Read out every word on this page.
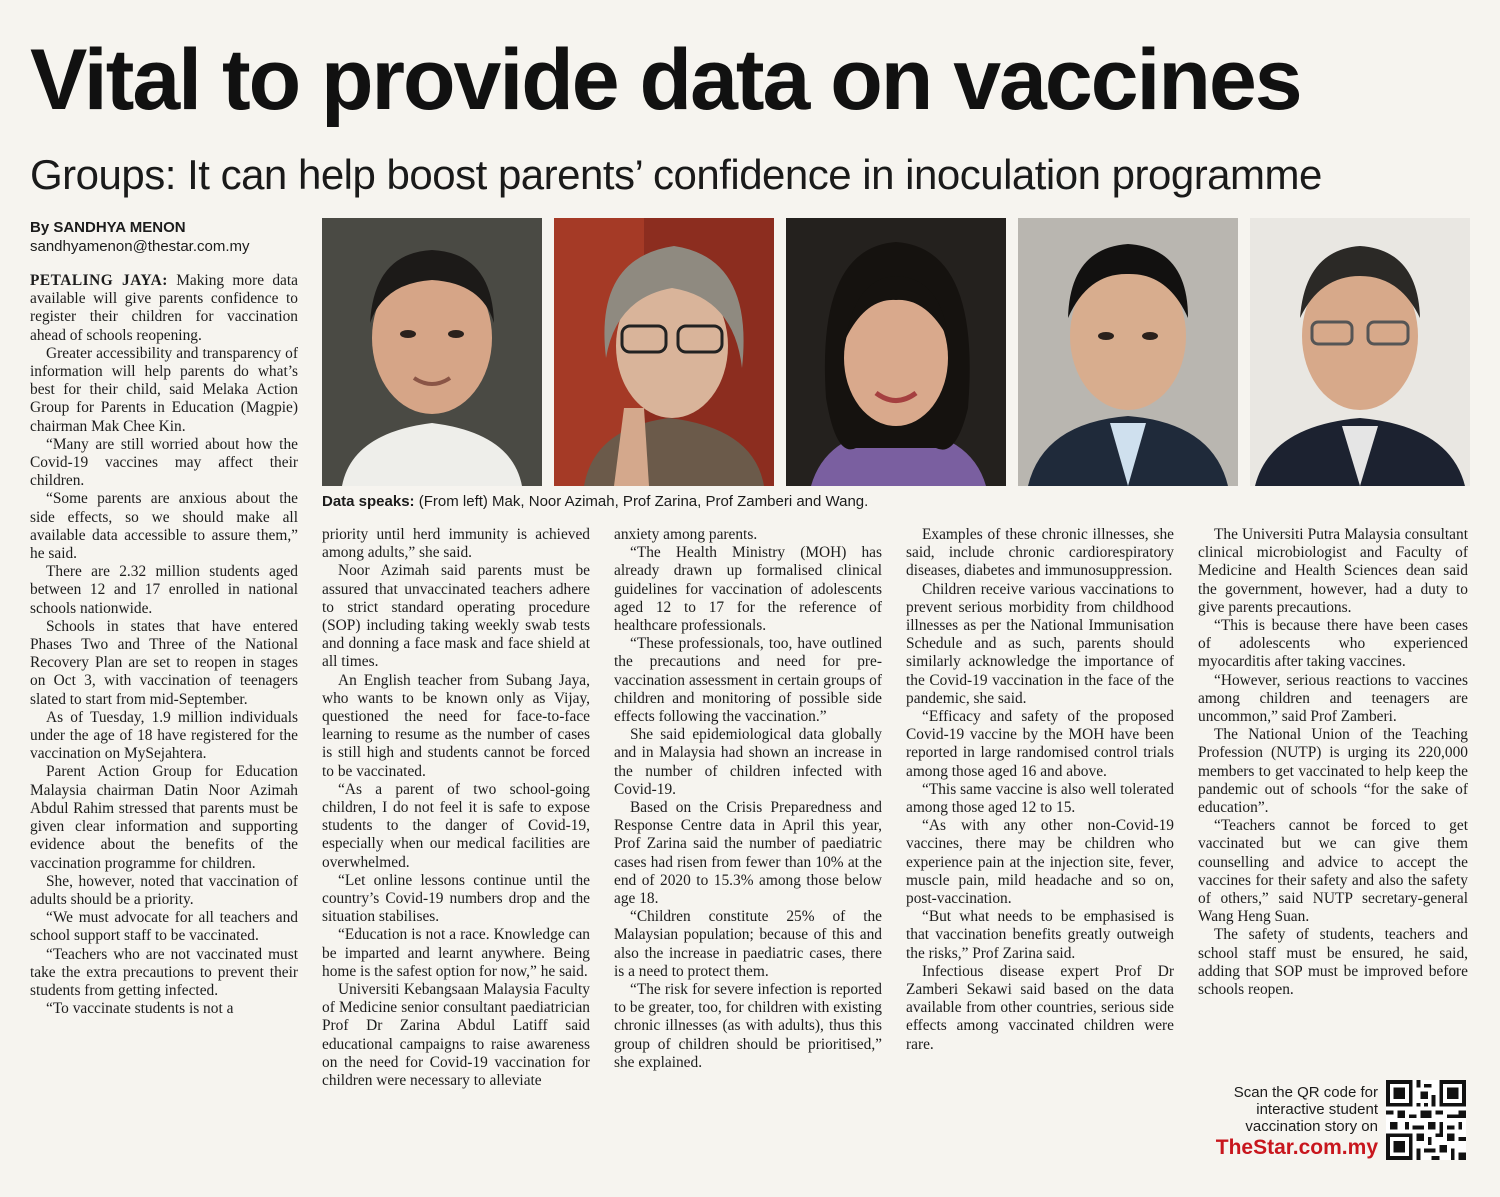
Vital to provide data on vaccines
Groups: It can help boost parents’ confidence in inoculation programme
By SANDHYA MENON
sandhyamenon@thestar.com.my
Data speaks: (From left) Mak, Noor Azimah, Prof Zarina, Prof Zamberi and Wang.

PETALING JAYA: Making more data available will give parents confidence to register their children for vaccination ahead of schools reopening.

Greater accessibility and transparency of information will help parents do what’s best for their child, said Melaka Action Group for Parents in Education (Magpie) chairman Mak Chee Kin.

“Many are still worried about how the Covid-19 vaccines may affect their children.

“Some parents are anxious about the side effects, so we should make all available data accessible to assure them,” he said.

There are 2.32 million students aged between 12 and 17 enrolled in national schools nationwide.

Schools in states that have entered Phases Two and Three of the National Recovery Plan are set to reopen in stages on Oct 3, with vaccination of teenagers slated to start from mid-September.

As of Tuesday, 1.9 million individuals under the age of 18 have registered for the vaccination on MySejahtera.

Parent Action Group for Education Malaysia chairman Datin Noor Azimah Abdul Rahim stressed that parents must be given clear information and supporting evidence about the benefits of the vaccination programme for children.

She, however, noted that vaccination of adults should be a priority.

“We must advocate for all teachers and school support staff to be vaccinated.

“Teachers who are not vaccinated must take the extra precautions to prevent their students from getting infected.

“To vaccinate students is not a

priority until herd immunity is achieved among adults,” she said.

Noor Azimah said parents must be assured that unvaccinated teachers adhere to strict standard operating procedure (SOP) including taking weekly swab tests and donning a face mask and face shield at all times.

An English teacher from Subang Jaya, who wants to be known only as Vijay, questioned the need for face-to-face learning to resume as the number of cases is still high and students cannot be forced to be vaccinated.

“As a parent of two school-going children, I do not feel it is safe to expose students to the danger of Covid-19, especially when our medical facilities are overwhelmed.

“Let online lessons continue until the country’s Covid-19 numbers drop and the situation stabilises.

“Education is not a race. Knowledge can be imparted and learnt anywhere. Being home is the safest option for now,” he said.

Universiti Kebangsaan Malaysia Faculty of Medicine senior consultant paediatrician Prof Dr Zarina Abdul Latiff said educational campaigns to raise awareness on the need for Covid-19 vaccination for children were necessary to alleviate

anxiety among parents.

“The Health Ministry (MOH) has already drawn up formalised clinical guidelines for vaccination of adolescents aged 12 to 17 for the reference of healthcare professionals.

“These professionals, too, have outlined the precautions and need for pre-vaccination assessment in certain groups of children and monitoring of possible side effects following the vaccination.”

She said epidemiological data globally and in Malaysia had shown an increase in the number of children infected with Covid-19.

Based on the Crisis Preparedness and Response Centre data in April this year, Prof Zarina said the number of paediatric cases had risen from fewer than 10% at the end of 2020 to 15.3% among those below age 18.

“Children constitute 25% of the Malaysian population; because of this and also the increase in paediatric cases, there is a need to protect them.

“The risk for severe infection is reported to be greater, too, for children with existing chronic illnesses (as with adults), thus this group of children should be prioritised,” she explained.

Examples of these chronic illnesses, she said, include chronic cardiorespiratory diseases, diabetes and immunosuppression.

Children receive various vaccinations to prevent serious morbidity from childhood illnesses as per the National Immunisation Schedule and as such, parents should similarly acknowledge the importance of the Covid-19 vaccination in the face of the pandemic, she said.

“Efficacy and safety of the proposed Covid-19 vaccine by the MOH have been reported in large randomised control trials among those aged 16 and above.

“This same vaccine is also well tolerated among those aged 12 to 15.

“As with any other non-Covid-19 vaccines, there may be children who experience pain at the injection site, fever, muscle pain, mild headache and so on, post-vaccination.

“But what needs to be emphasised is that vaccination benefits greatly outweigh the risks,” Prof Zarina said.

Infectious disease expert Prof Dr Zamberi Sekawi said based on the data available from other countries, serious side effects among vaccinated children were rare.

The Universiti Putra Malaysia consultant clinical microbiologist and Faculty of Medicine and Health Sciences dean said the government, however, had a duty to give parents precautions.

“This is because there have been cases of adolescents who experienced myocarditis after taking vaccines.

“However, serious reactions to vaccines among children and teenagers are uncommon,” said Prof Zamberi.

The National Union of the Teaching Profession (NUTP) is urging its 220,000 members to get vaccinated to help keep the pandemic out of schools “for the sake of education”.

“Teachers cannot be forced to get vaccinated but we can give them counselling and advice to accept the vaccines for their safety and also the safety of others,” said NUTP secretary-general Wang Heng Suan.

The safety of students, teachers and school staff must be ensured, he said, adding that SOP must be improved before schools reopen.

Scan the QR code for
interactive student
vaccination story on
TheStar.com.my
